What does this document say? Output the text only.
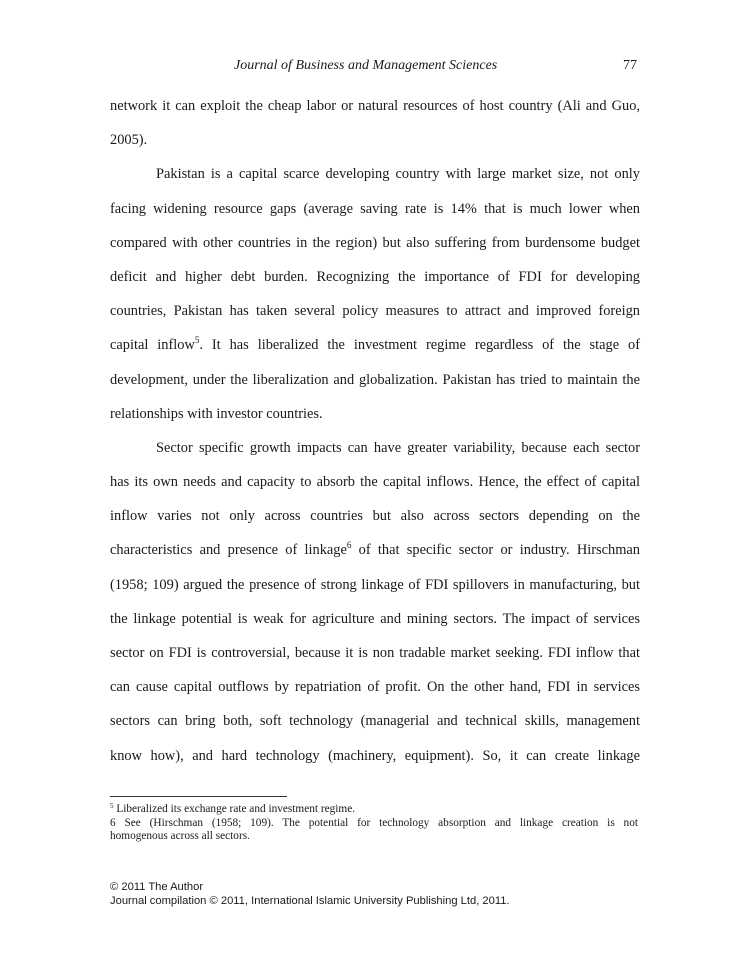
Journal of Business and Management Sciences	77
network it can exploit the cheap labor or natural resources of host country (Ali and Guo,
2005).
Pakistan is a capital scarce developing country with large market size, not only
facing widening resource gaps (average saving rate is 14% that is much lower when
compared with other countries in the region) but also suffering from burdensome budget
deficit and higher debt burden. Recognizing the importance of FDI for developing
countries, Pakistan has taken several policy measures to attract and improved foreign
capital inflow$^5$. It has liberalized the investment regime regardless of the stage of
development, under the liberalization and globalization. Pakistan has tried to maintain the
relationships with investor countries.
Sector specific growth impacts can have greater variability, because each sector
has its own needs and capacity to absorb the capital inflows. Hence, the effect of capital
inflow varies not only across countries but also across sectors depending on the
characteristics and presence of linkage$^6$ of that specific sector or industry. Hirschman
(1958; 109) argued the presence of strong linkage of FDI spillovers in manufacturing, but
the linkage potential is weak for agriculture and mining sectors. The impact of services
sector on FDI is controversial, because it is non tradable market seeking. FDI inflow that
can cause capital outflows by repatriation of profit. On the other hand, FDI in services
sectors can bring both, soft technology (managerial and technical skills, management
know how), and hard technology (machinery, equipment). So, it can create linkage
$^5$ Liberalized its exchange rate and investment regime.
6 See (Hirschman (1958; 109). The potential for technology absorption and linkage creation is not
homogenous across all sectors.
© 2011 The Author
Journal compilation © 2011, International Islamic University Publishing Ltd, 2011.
